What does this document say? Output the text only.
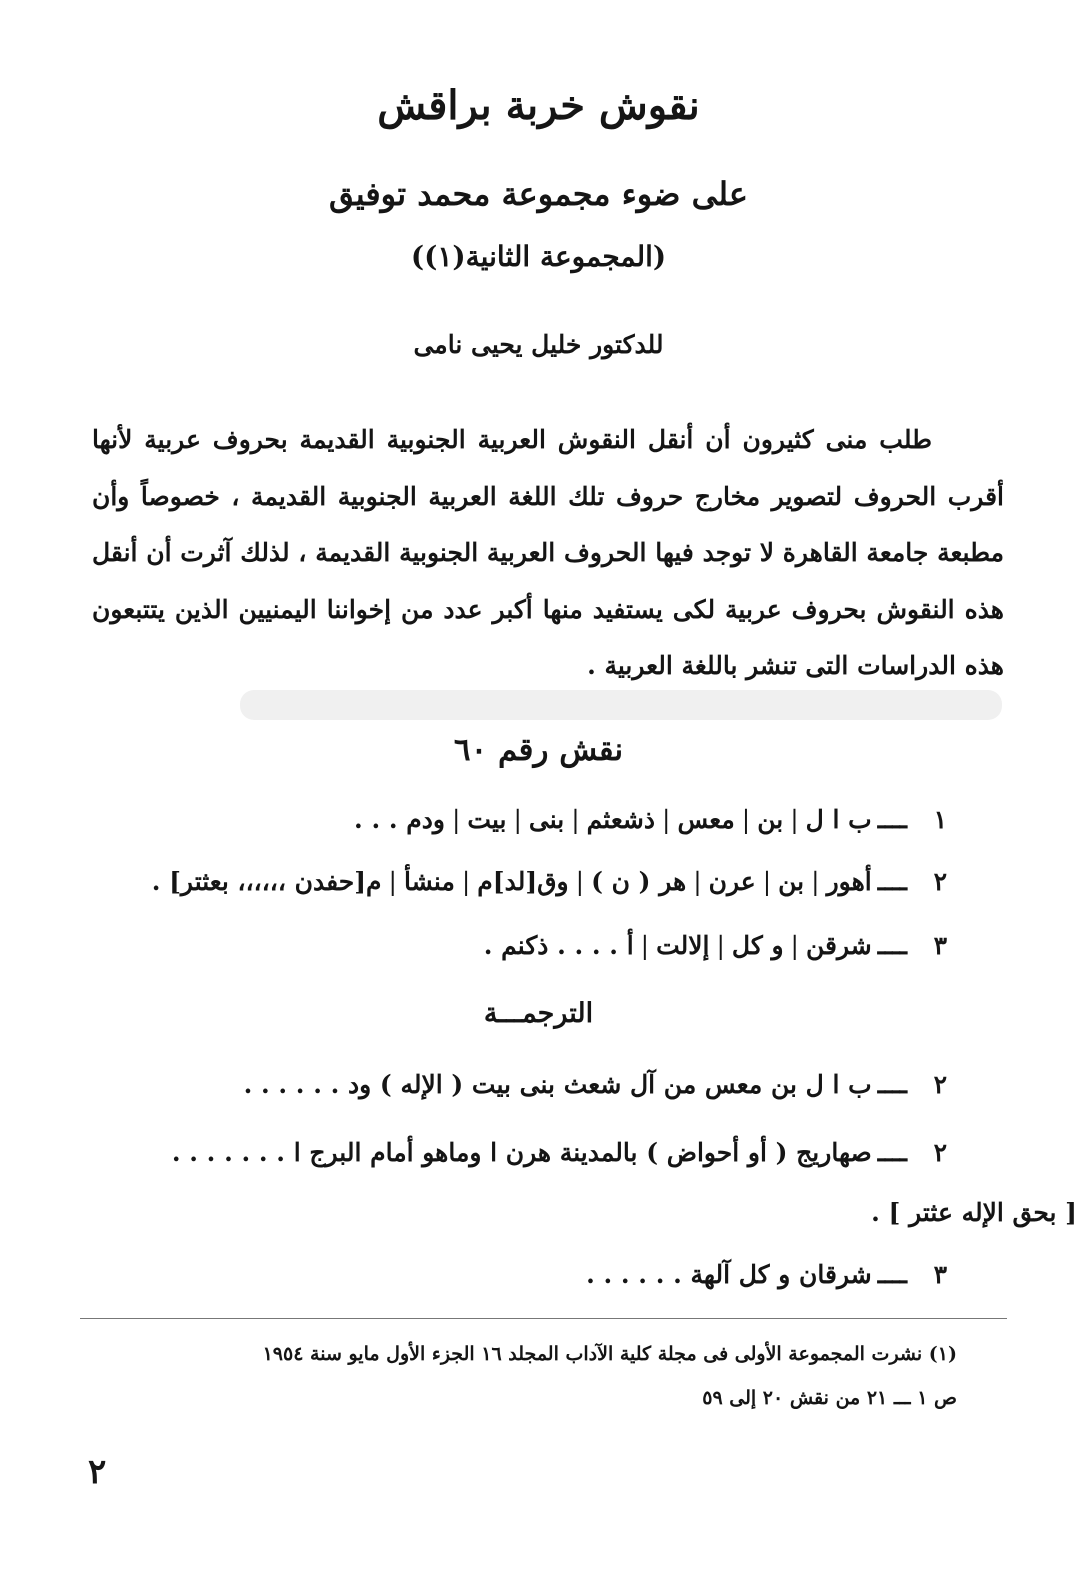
نقوش خربة براقش
على ضوء مجموعة محمد توفيق
(المجموعة الثانية(١))
للدكتور خليل يحيى نامى

طلب منى كثيرون أن أنقل النقوش العربية الجنوبية القديمة بحروف عربية لأنها أقرب الحروف لتصوير مخارج حروف تلك اللغة العربية الجنوبية القديمة ، خصوصاً وأن مطبعة جامعة القاهرة لا توجد فيها الحروف العربية الجنوبية القديمة ، لذلك آثرت أن أنقل هذه النقوش بحروف عربية لكى يستفيد منها أكبر عدد من إخواننا اليمنيين الذين يتتبعون هذه الدراسات التى تنشر باللغة العربية .

نقش رقم ٦٠
١ــــب ا ل|بن|معس|ذشعثم|بنى|بيت|ودم . . .
٢ــــأهور|بن|عرن|هر ( ن )|وق[لد]م|منشأ|م[حفدن ،،،،،، بعثتر] .
٣ــــشرقن|و كل|إلالت|أ . . . . ذكنم .
الترجمـــة
٢ــــب ا ل بن معس من آل شعث بنى بيت ( الإله ) ود . . . . . .
٢ــــصهاريج ( أو أحواض ) بالمدينة هرن ا وماهو أمام البرج ا . . . . . . .
[ بحق الإله عثتر ] .
٣ــــشرقان و كل آلهة . . . . . .
(١) نشرت المجموعة الأولى فى مجلة كلية الآداب المجلد ١٦ الجزء الأول مايو سنة ١٩٥٤
ص ١ ـــ ٢١ من نقش ٢٠ إلى ٥٩
٢
